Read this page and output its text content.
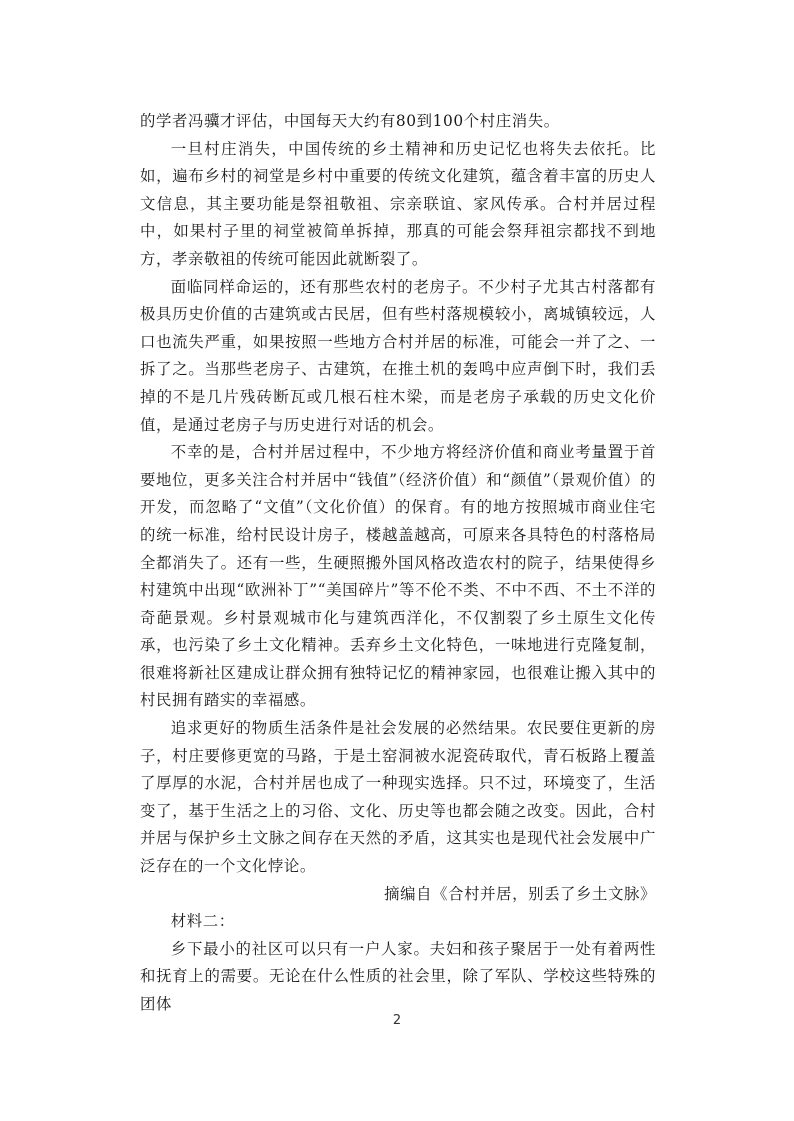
的学者冯骥才评估，中国每天大约有80到100个村庄消失。

一旦村庄消失，中国传统的乡土精神和历史记忆也将失去依托。比如，遍布乡村的祠堂是乡村中重要的传统文化建筑，蕴含着丰富的历史人文信息，其主要功能是祭祖敬祖、宗亲联谊、家风传承。合村并居过程中，如果村子里的祠堂被简单拆掉，那真的可能会祭拜祖宗都找不到地方，孝亲敬祖的传统可能因此就断裂了。

面临同样命运的，还有那些农村的老房子。不少村子尤其古村落都有极具历史价值的古建筑或古民居，但有些村落规模较小，离城镇较远，人口也流失严重，如果按照一些地方合村并居的标准，可能会一并了之、一拆了之。当那些老房子、古建筑，在推土机的轰鸣中应声倒下时，我们丢掉的不是几片残砖断瓦或几根石柱木梁，而是老房子承载的历史文化价值，是通过老房子与历史进行对话的机会。

不幸的是，合村并居过程中，不少地方将经济价值和商业考量置于首要地位，更多关注合村并居中“钱值”（经济价值）和“颜值”（景观价值）的开发，而忽略了“文值”（文化价值）的保育。有的地方按照城市商业住宅的统一标准，给村民设计房子，楼越盖越高，可原来各具特色的村落格局全都消失了。还有一些，生硬照搬外国风格改造农村的院子，结果使得乡村建筑中出现“欧洲补丁”“美国碎片”等不伦不类、不中不西、不土不洋的奇葩景观。乡村景观城市化与建筑西洋化，不仅割裂了乡土原生文化传承，也污染了乡土文化精神。丢弃乡土文化特色，一味地进行克隆复制，很难将新社区建成让群众拥有独特记忆的精神家园，也很难让搬入其中的村民拥有踏实的幸福感。

追求更好的物质生活条件是社会发展的必然结果。农民要住更新的房子，村庄要修更宽的马路，于是土窑洞被水泥瓷砖取代，青石板路上覆盖了厚厚的水泥，合村并居也成了一种现实选择。只不过，环境变了，生活变了，基于生活之上的习俗、文化、历史等也都会随之改变。因此，合村并居与保护乡土文脉之间存在天然的矛盾，这其实也是现代社会发展中广泛存在的一个文化悖论。

摘编自《合村并居，别丢了乡土文脉》

材料二：

乡下最小的社区可以只有一户人家。夫妇和孩子聚居于一处有着两性和抚育上的需要。无论在什么性质的社会里，除了军队、学校这些特殊的团体

2
